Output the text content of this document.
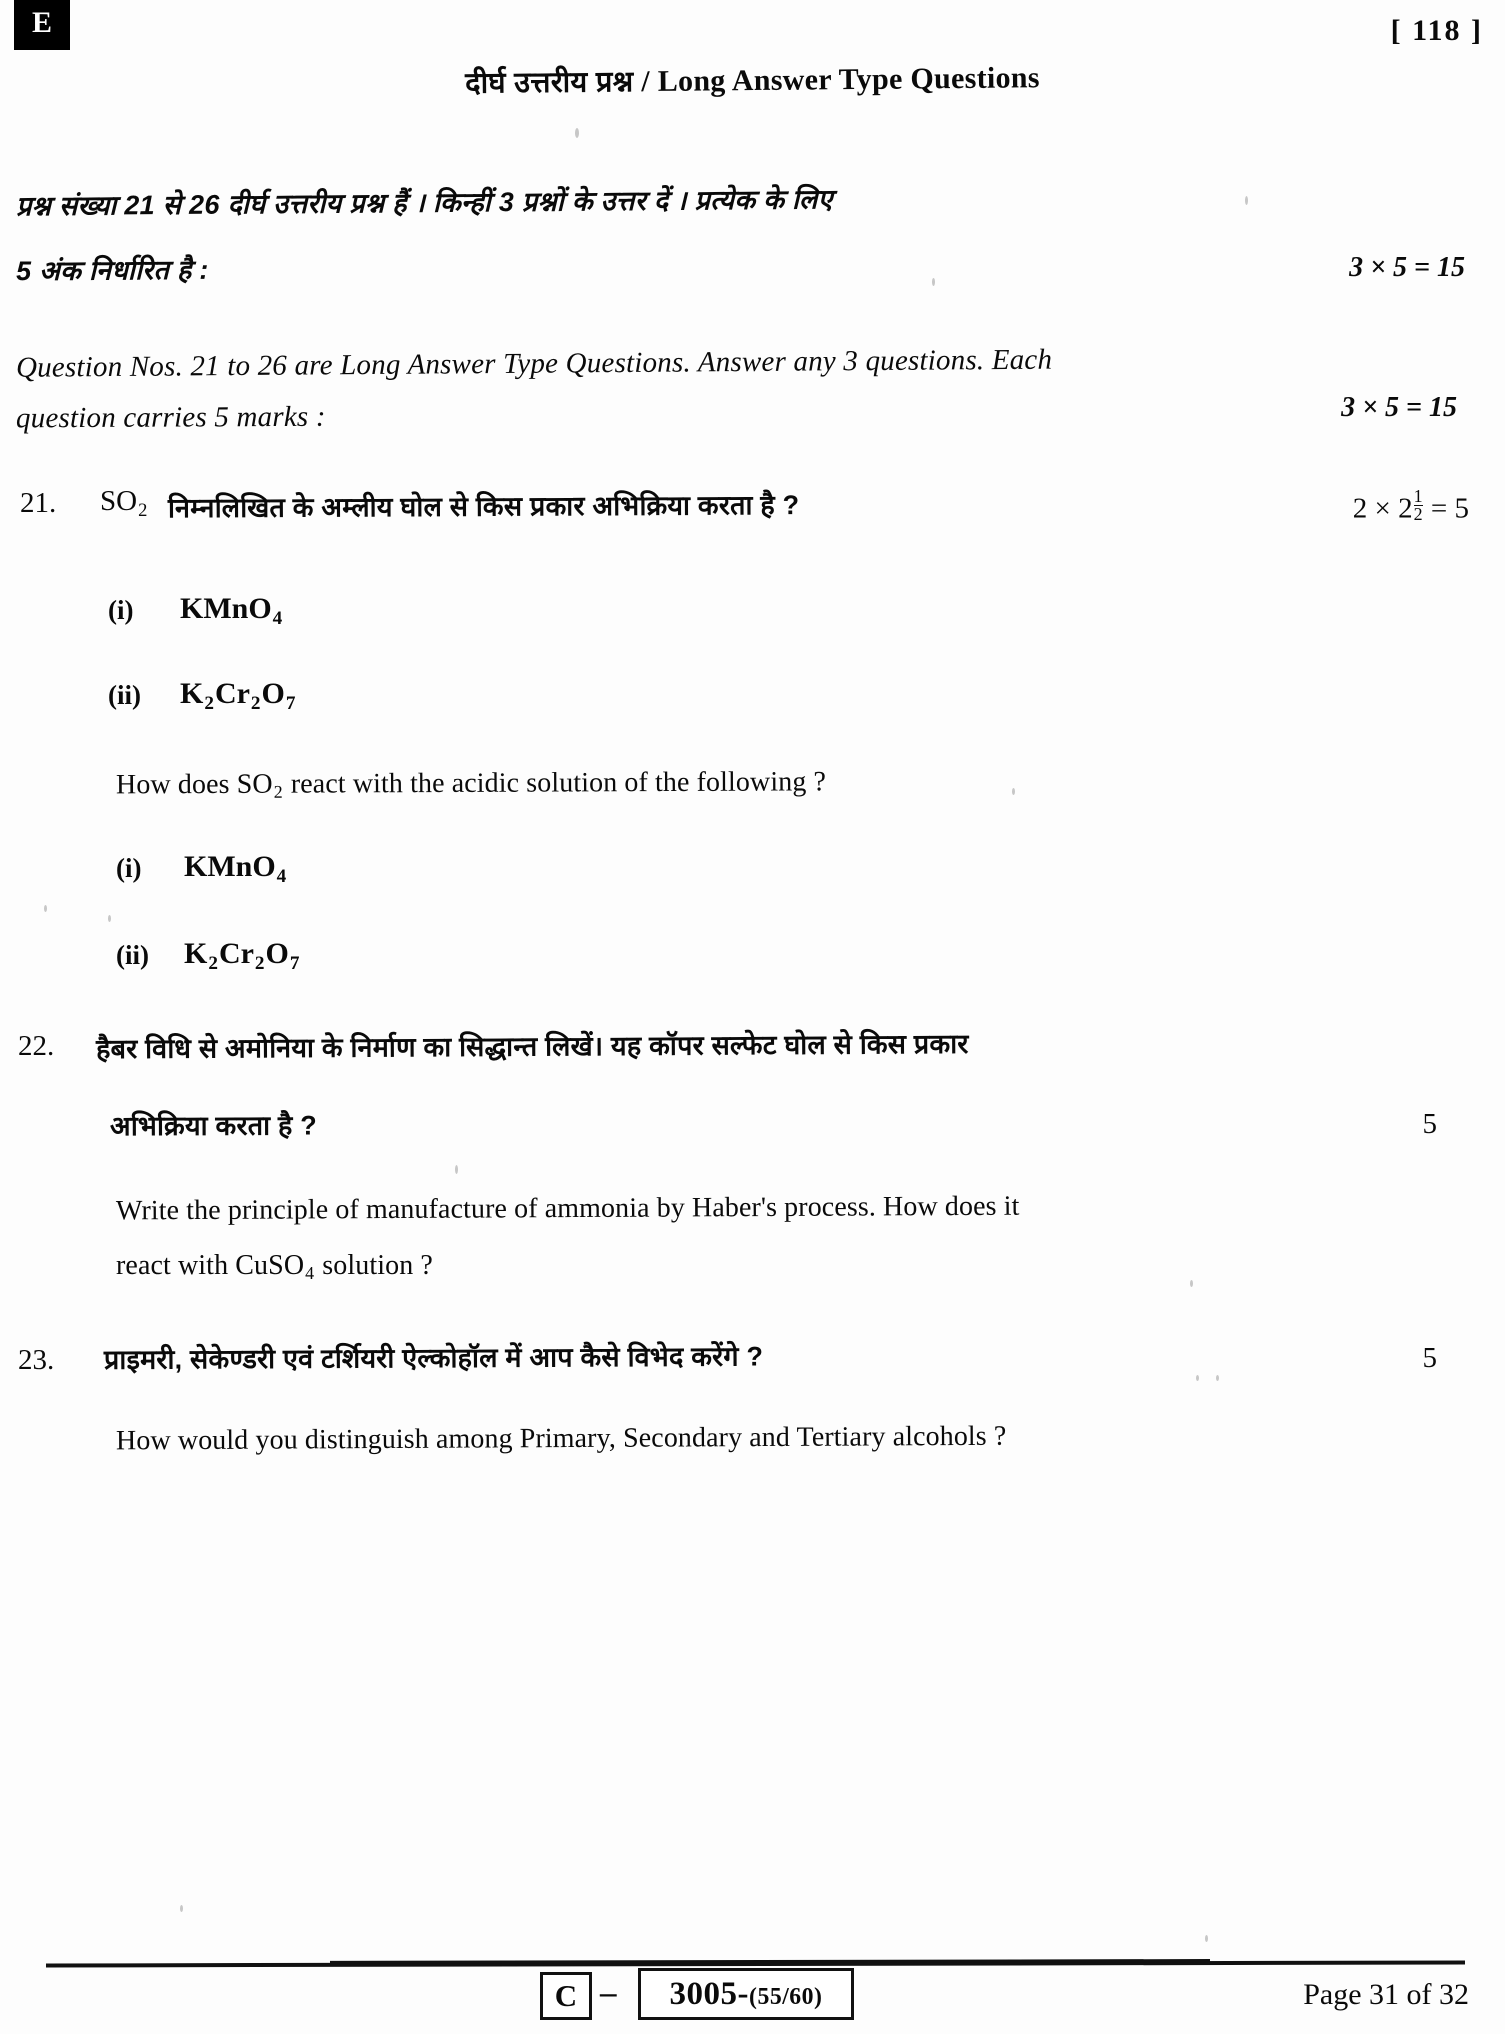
E	[ 118 ]
दीर्घ उत्तरीय प्रश्न / Long Answer Type Questions
प्रश्न संख्या 21 से 26 दीर्घ उत्तरीय प्रश्न हैं । किन्हीं 3 प्रश्नों के उत्तर दें । प्रत्येक के लिए
5 अंक निर्धारित है :	3 × 5 = 15
Question Nos. 21 to 26 are Long Answer Type Questions. Answer any 3 questions. Each
question carries 5 marks :	3 × 5 = 15
21. $SO_2$ निम्नलिखित के अम्लीय घोल से किस प्रकार अभिक्रिया करता है ?	$2 \times 2 \frac{1}{2} = 5$
(i) KMnO$_4$
(ii) $K_2Cr_2O_7$
How does $SO_2$ react with the acidic solution of the following ?
(i) KMnO$_4$
(ii) $K_2Cr_2O_7$
22. हैबर विधि से अमोनिया के निर्माण का सिद्धान्त लिखें। यह कॉपर सल्फेट घोल से किस प्रकार
अभिक्रिया करता है ?	5
Write the principle of manufacture of ammonia by Haber's process. How does it
react with CuSO$_4$ solution ?
23. प्राइमरी, सेकेण्डरी एवं टर्शियरी ऐल्कोहॉल में आप कैसे विभेद करेंगे ?	5
How would you distinguish among Primary, Secondary and Tertiary alcohols ?
C –	3005-(55/60)	Page 31 of 32
